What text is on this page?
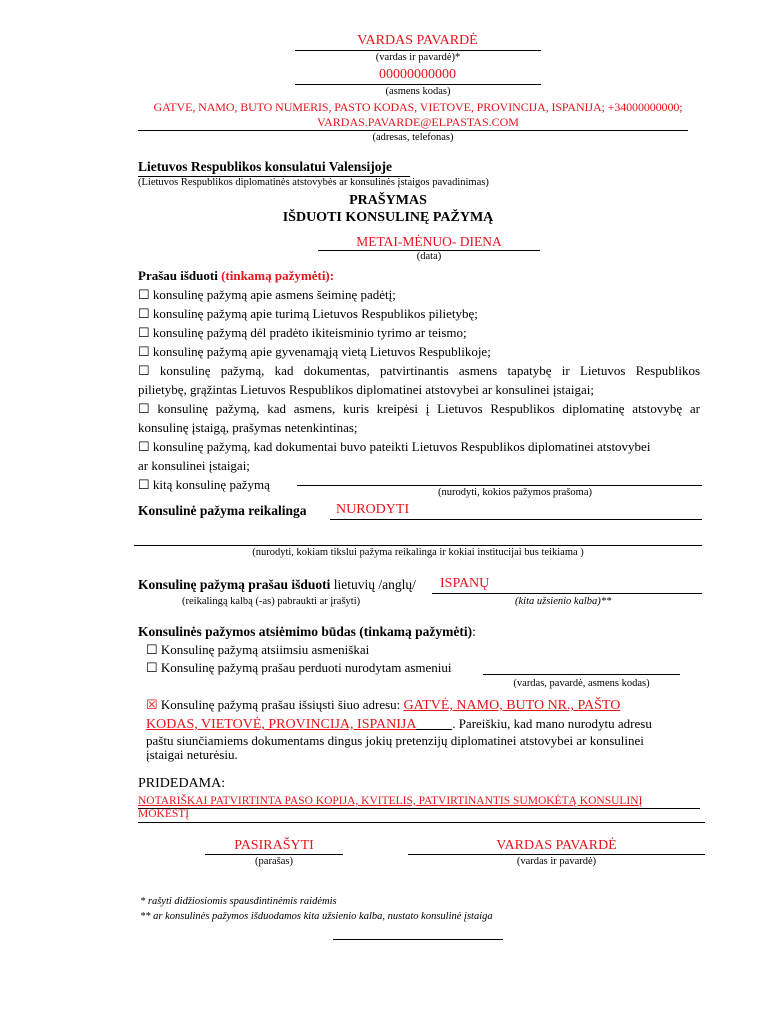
VARDAS PAVARDĖ
(vardas ir pavardė)*
00000000000
(asmens kodas)
GATVE, NAMO, BUTO NUMERIS, PASTO KODAS, VIETOVE, PROVINCIJA, ISPANIJA; +34000000000;
VARDAS.PAVARDE@ELPASTAS.COM
(adresas, telefonas)
Lietuvos Respublikos konsulatui Valensijoje
(Lietuvos Respublikos diplomatinės atstovybės ar konsulinės įstaigos pavadinimas)
PRAŠYMAS
IŠDUOTI KONSULINĘ PAŽYMĄ
METAI-MĖNUO- DIENA
(data)
Prašau išduoti (tinkamą pažymėti):
☐ konsulinę pažymą apie asmens šeiminę padėtį;
☐ konsulinę pažymą apie turimą Lietuvos Respublikos pilietybę;
☐ konsulinę pažymą dėl pradėto ikiteisminio tyrimo ar teismo;
☐ konsulinę pažymą apie gyvenamąją vietą Lietuvos Respublikoje;
☐ konsulinę pažymą, kad dokumentas, patvirtinantis asmens tapatybę ir Lietuvos Respublikos
pilietybę, grąžintas Lietuvos Respublikos diplomatinei atstovybei ar konsulinei įstaigai;
☐ konsulinę pažymą, kad asmens, kuris kreipėsi į Lietuvos Respublikos diplomatinę atstovybę ar
konsulinę įstaigą, prašymas netenkintinas;
☐ konsulinę pažymą, kad dokumentai buvo pateikti Lietuvos Respublikos diplomatinei atstovybei
ar konsulinei įstaigai;
☐ kitą konsulinę pažymą
(nurodyti, kokios pažymos prašoma)
Konsulinė pažyma reikalinga NURODYTI
(nurodyti, kokiam tikslui pažyma reikalinga ir kokiai institucijai bus teikiama )
Konsulinę pažymą prašau išduoti lietuvių /anglų/ ISPANŲ
(reikalingą kalbą (-as) pabraukti ar įrašyti)	(kita užsienio kalba)**
Konsulinės pažymos atsiėmimo būdas (tinkamą pažymėti):
☐ Konsulinę pažymą atsiimsiu asmeniškai
☐ Konsulinę pažymą prašau perduoti nurodytam asmeniui
(vardas, pavardė, asmens kodas)
☒ Konsulinę pažymą prašau išsiųsti šiuo adresu: GATVĖ, NAMO, BUTO NR., PAŠTO
KODAS, VIETOVĖ, PROVINCIJA, ISPANIJA​           . Pareiškiu, kad mano nurodytu adresu
paštu siunčiamiems dokumentams dingus jokių pretenzijų diplomatinei atstovybei ar konsulinei
įstaigai neturėsiu.
PRIDEDAMA:
NOTARIŠKAI PATVIRTINTA PASO KOPIJA, KVITELIS, PATVIRTINANTIS SUMOKĖTĄ KONSULINĮ
MOKESTĮ
PASIRAŠYTI
(parašas)
VARDAS PAVARDĖ
(vardas ir pavardė)
* rašyti didžiosiomis spausdintinėmis raidėmis
** ar konsulinės pažymos išduodamos kita užsienio kalba, nustato konsulinė įstaiga
